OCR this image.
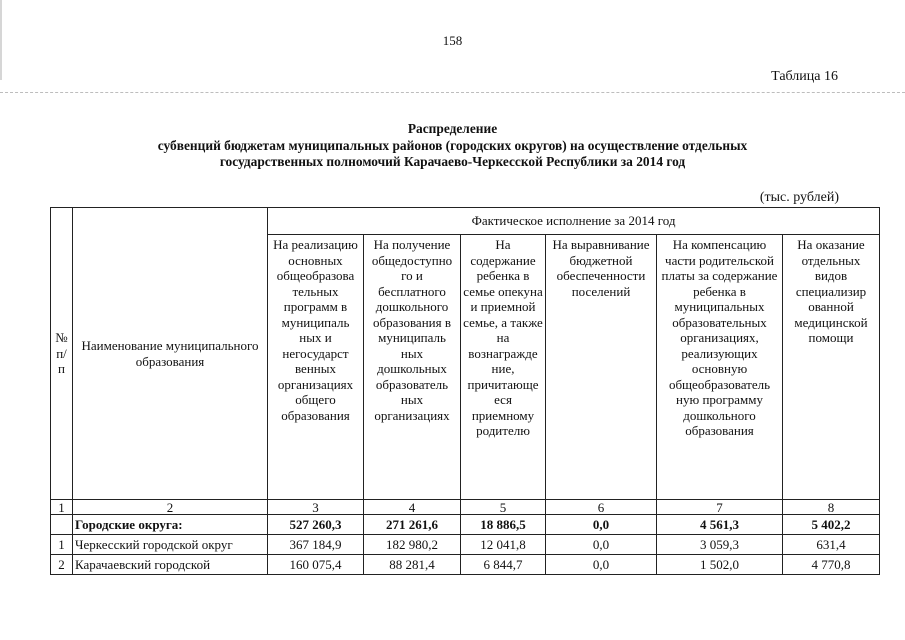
158
Таблица 16
Распределение
субвенций бюджетам муниципальных районов (городских округов) на осуществление отдельных
государственных полномочий Карачаево-Черкесской Республики за 2014 год
(тыс. рублей)
№ п/п	Наименование муниципального образования	Фактическое исполнение за 2014 год					
		На реализацию основных общеобразова тельных программ в муниципаль ных и негосударст венных организациях общего образования	На получение общедоступно го и бесплатного дошкольного образования в муниципаль ных дошкольных образователь ных организациях	На содержание ребенка в семье опекуна и приемной семье, а также на вознагражде ние, причитающе еся приемному родителю	На выравнивание бюджетной обеспеченности поселений	На компенсацию части родительской платы за содержание ребенка в муниципальных образовательных организациях, реализующих основную общеобразователь ную программу дошкольного образования	На оказание отдельных видов специализир ованной медицинской помощи
1	2	3	4	5	6	7	8
	Городские округа:	527 260,3	271 261,6	18 886,5	0,0	4 561,3	5 402,2
1	Черкесский городской округ	367 184,9	182 980,2	12 041,8	0,0	3 059,3	631,4
2	Карачаевский городской	160 075,4	88 281,4	6 844,7	0,0	1 502,0	4 770,8
